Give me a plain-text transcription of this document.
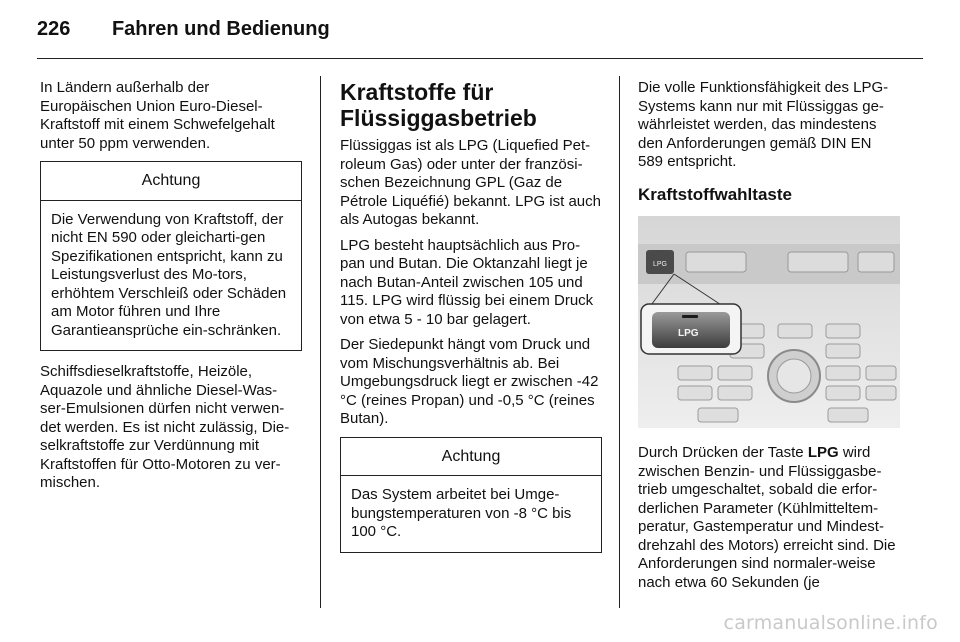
226 Fahren und Bedienung

In Ländern außerhalb der Europäischen Union Euro-Diesel-Kraftstoff mit einem Schwefelgehalt unter 50 ppm verwenden.

Achtung
Die Verwendung von Kraftstoff, der nicht EN 590 oder gleicharti-gen Spezifikationen entspricht, kann zu Leistungsverlust des Mo-tors, erhöhtem Verschleiß oder Schäden am Motor führen und Ihre Garantieansprüche ein-schränken.

Schiffsdieselkraftstoffe, Heizöle, Aquazole und ähnliche Diesel-Was-ser-Emulsionen dürfen nicht verwen-det werden. Es ist nicht zulässig, Die-selkraftstoffe zur Verdünnung mit Kraftstoffen für Otto-Motoren zu ver-mischen.

Kraftstoffe für Flüssiggasbetrieb

Flüssiggas ist als LPG (Liquefied Pet-roleum Gas) oder unter der französi-schen Bezeichnung GPL (Gaz de Pétrole Liquéfié) bekannt. LPG ist auch als Autogas bekannt.

LPG besteht hauptsächlich aus Pro-pan und Butan. Die Oktanzahl liegt je nach Butan-Anteil zwischen 105 und 115. LPG wird flüssig bei einem Druck von etwa 5 - 10 bar gelagert.

Der Siedepunkt hängt vom Druck und vom Mischungsverhältnis ab. Bei Umgebungsdruck liegt er zwischen -42 °C (reines Propan) und -0,5 °C (reines Butan).

Achtung
Das System arbeitet bei Umge-bungstemperaturen von -8 °C bis 100 °C.

Die volle Funktionsfähigkeit des LPG-Systems kann nur mit Flüssiggas ge-währleistet werden, das mindestens den Anforderungen gemäß DIN EN 589 entspricht.

Kraftstoffwahltaste
LPG
LPG

Durch Drücken der Taste LPG wird zwischen Benzin- und Flüssiggasbe-trieb umgeschaltet, sobald die erfor-derlichen Parameter (Kühlmitteltem-peratur, Gastemperatur und Mindest-drehzahl des Motors) erreicht sind. Die Anforderungen sind normaler-weise nach etwa 60 Sekunden (je

carmanualsonline.info
